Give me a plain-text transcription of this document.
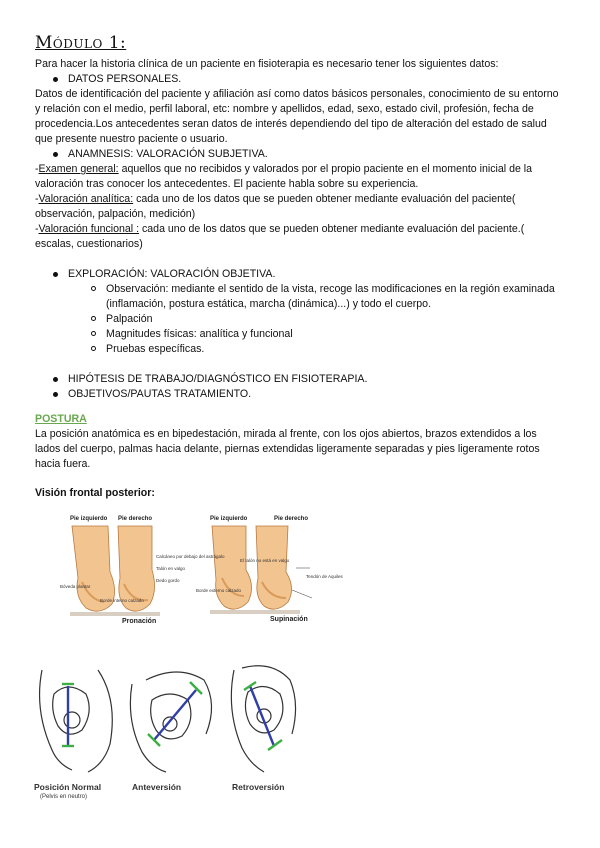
Módulo 1:

Para hacer la historia clínica de un paciente en fisioterapia es necesario tener los siguientes datos:

DATOS PERSONALES.

Datos de identificación del paciente y afiliación así como datos básicos personales, conocimiento de su entorno y relación con el medio, perfil laboral, etc: nombre y apellidos, edad, sexo, estado civil, profesión, fecha de procedencia.Los antecedentes seran datos de interés dependiendo del tipo de alteración del estado de salud que presente nuestro paciente o usuario.

ANAMNESIS: VALORACIÓN SUBJETIVA.

-Examen general: aquellos que no recibidos y valorados por el propio paciente en el momento inicial de la valoración tras conocer los antecedentes. El paciente habla sobre su experiencia.

-Valoración analítica: cada uno de los datos que se pueden obtener mediante evaluación del paciente( observación, palpación, medición)

-Valoración funcional : cada uno de los datos que se pueden obtener mediante evaluación del paciente.( escalas, cuestionarios)

EXPLORACIÓN: VALORACIÓN OBJETIVA.
Observación: mediante el sentido de la vista, recoge las modificaciones en la región examinada (inflamación, postura estática, marcha (dinámica)...) y todo el cuerpo.
Palpación
Magnitudes físicas: analítica y funcional
Pruebas específicas.
HIPÓTESIS DE TRABAJO/DIAGNÓSTICO EN FISIOTERAPIA.
OBJETIVOS/PAUTAS TRATAMIENTO.

POSTURA

La posición anatómica es en bipedestación, mirada al frente, con los ojos abiertos, brazos extendidos a los lados del cuerpo, palmas hacia delante, piernas extendidas ligeramente separadas y pies ligeramente rotos hacia fuera.

Visión frontal posterior:

Pie izquierdo Pie derecho
Calcáneo por debajo del astrágalo
Talón en valgo
Bóveda plantar
Dedo gordo
Borde interno calzado
Pronación
Pie izquierdo	Pie derecho
El talón no está en valgo
Borde externo calzado
Tendón de Aquiles
Supinación
Posición Normal
(Pelvis en neutro)
Anteversión	Retroversión
